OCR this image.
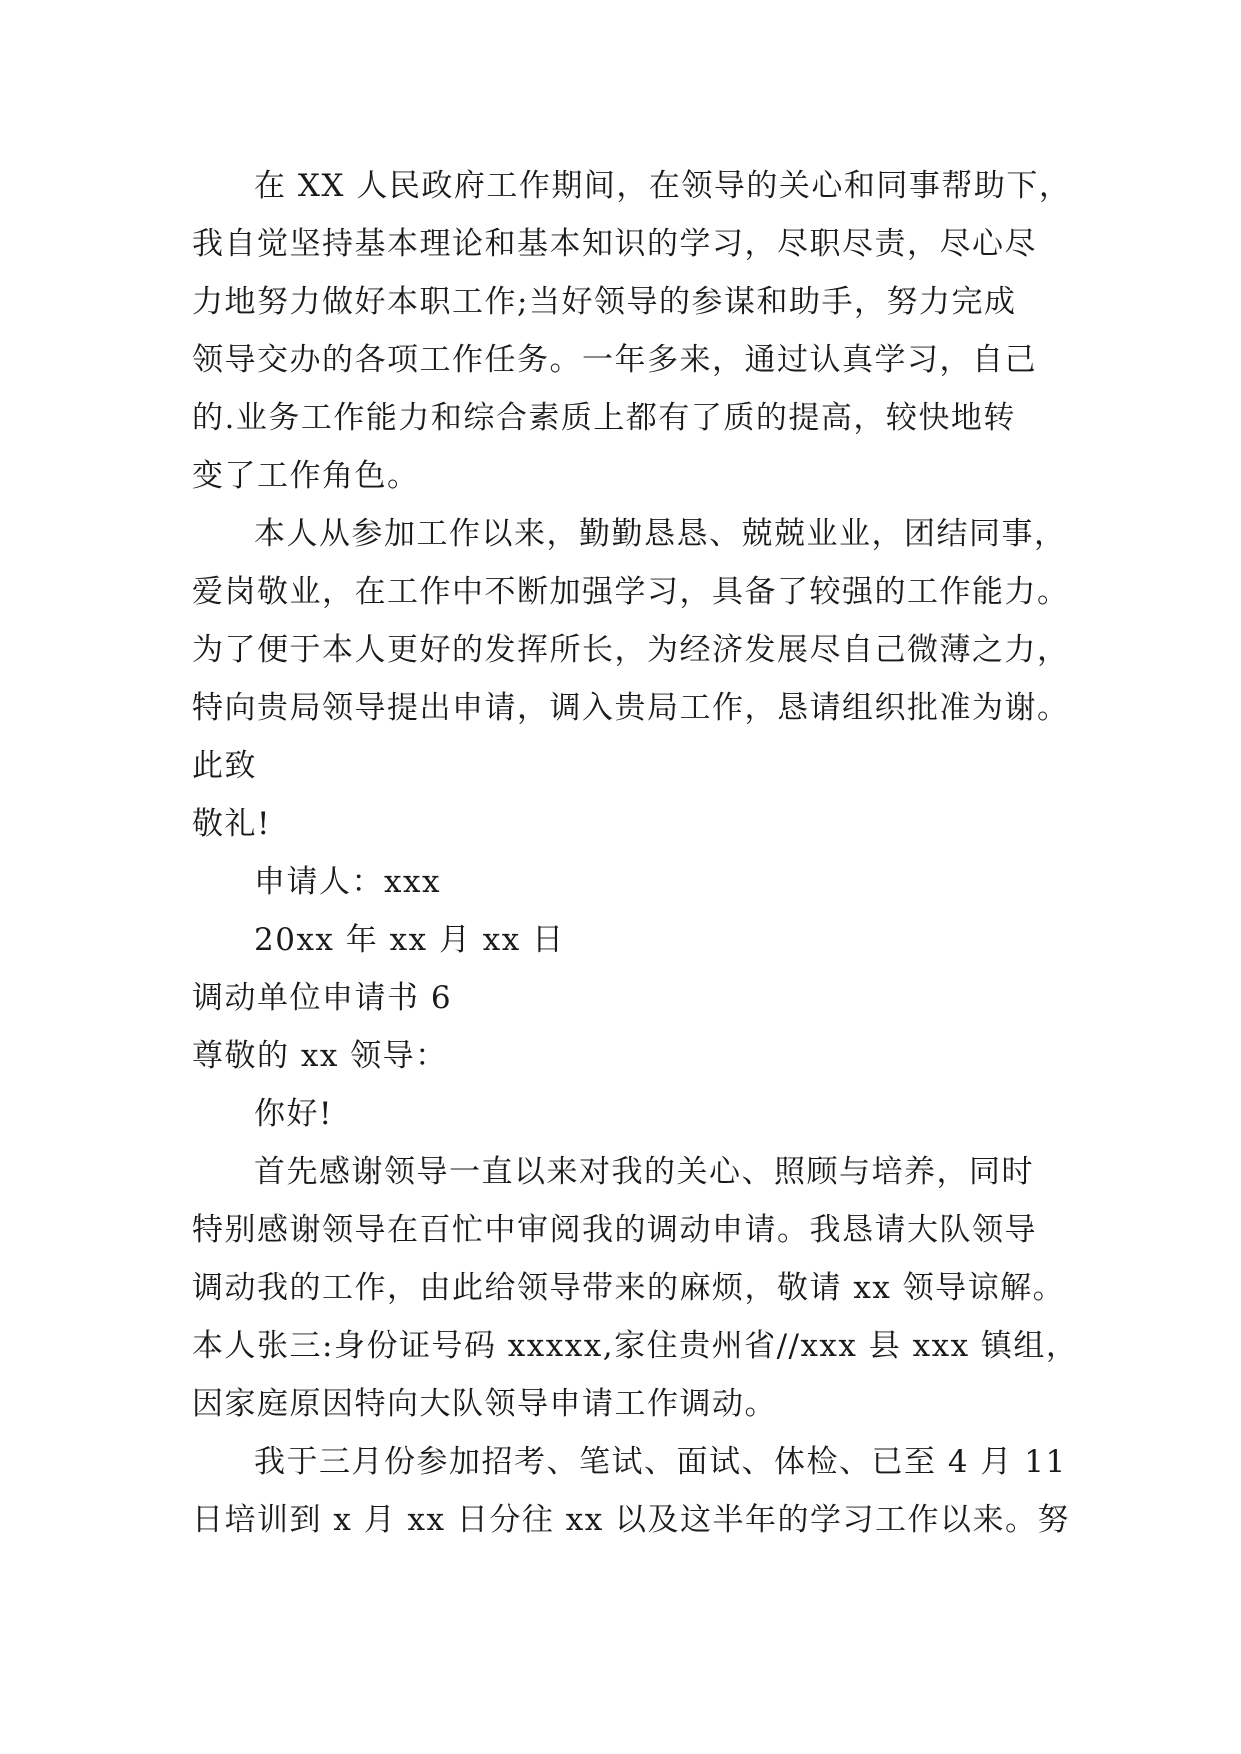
在 XX 人民政府工作期间，在领导的关心和同事帮助下，
我自觉坚持基本理论和基本知识的学习，尽职尽责，尽心尽
力地努力做好本职工作;当好领导的参谋和助手，努力完成
领导交办的各项工作任务。一年多来，通过认真学习，自己
的.业务工作能力和综合素质上都有了质的提高，较快地转
变了工作角色。
本人从参加工作以来，勤勤恳恳、兢兢业业，团结同事，
爱岗敬业，在工作中不断加强学习，具备了较强的工作能力。
为了便于本人更好的发挥所长，为经济发展尽自己微薄之力，
特向贵局领导提出申请，调入贵局工作，恳请组织批准为谢。
此致
敬礼!
申请人：xxx
20xx 年 xx 月 xx 日
调动单位申请书 6
尊敬的 xx 领导：
你好!
首先感谢领导一直以来对我的关心、照顾与培养，同时
特别感谢领导在百忙中审阅我的调动申请。我恳请大队领导
调动我的工作，由此给领导带来的麻烦，敬请 xx 领导谅解。
本人张三:身份证号码 xxxxx,家住贵州省//xxx 县 xxx 镇组，
因家庭原因特向大队领导申请工作调动。
我于三月份参加招考、笔试、面试、体检、已至 4 月 11
日培训到 x 月 xx 日分往 xx 以及这半年的学习工作以来。努
